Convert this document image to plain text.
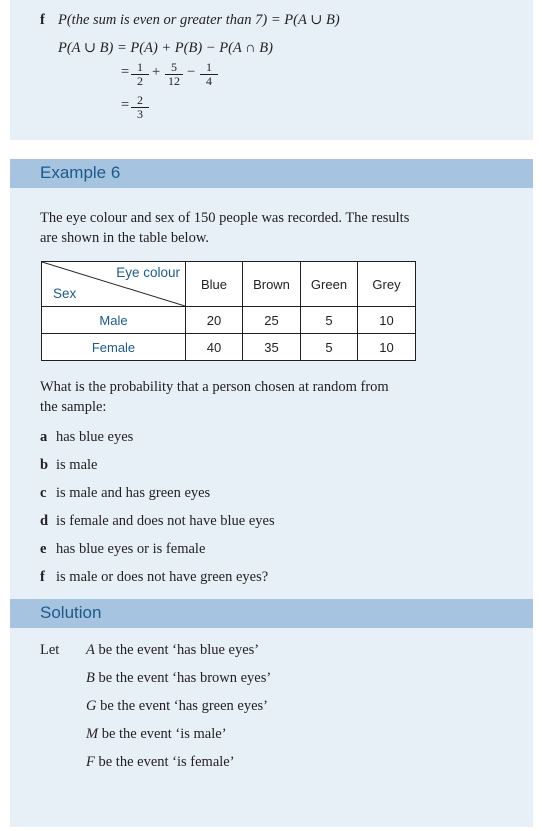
f P(the sum is even or greater than 7) = P(A ∪ B)
P(A ∪ B) = P(A) + P(B) − P(A ∩ B)
= $\frac{1}{2} + \frac{5}{12} - \frac{1}{4}$
= $\frac{2}{3}$
Example 6
The eye colour and sex of 150 people was recorded. The results
are shown in the table below.
Eye colour
Sex	Blue	Brown	Green	Grey
Male	20	25	5	10
Female	40	35	5	10
What is the probability that a person chosen at random from
the sample:
a has blue eyes
b is male
c is male and has green eyes
d is female and does not have blue eyes
e has blue eyes or is female
f is male or does not have green eyes?
Solution
Let A be the event ‘has blue eyes’
B be the event ‘has brown eyes’
G be the event ‘has green eyes’
M be the event ‘is male’
F be the event ‘is female’
